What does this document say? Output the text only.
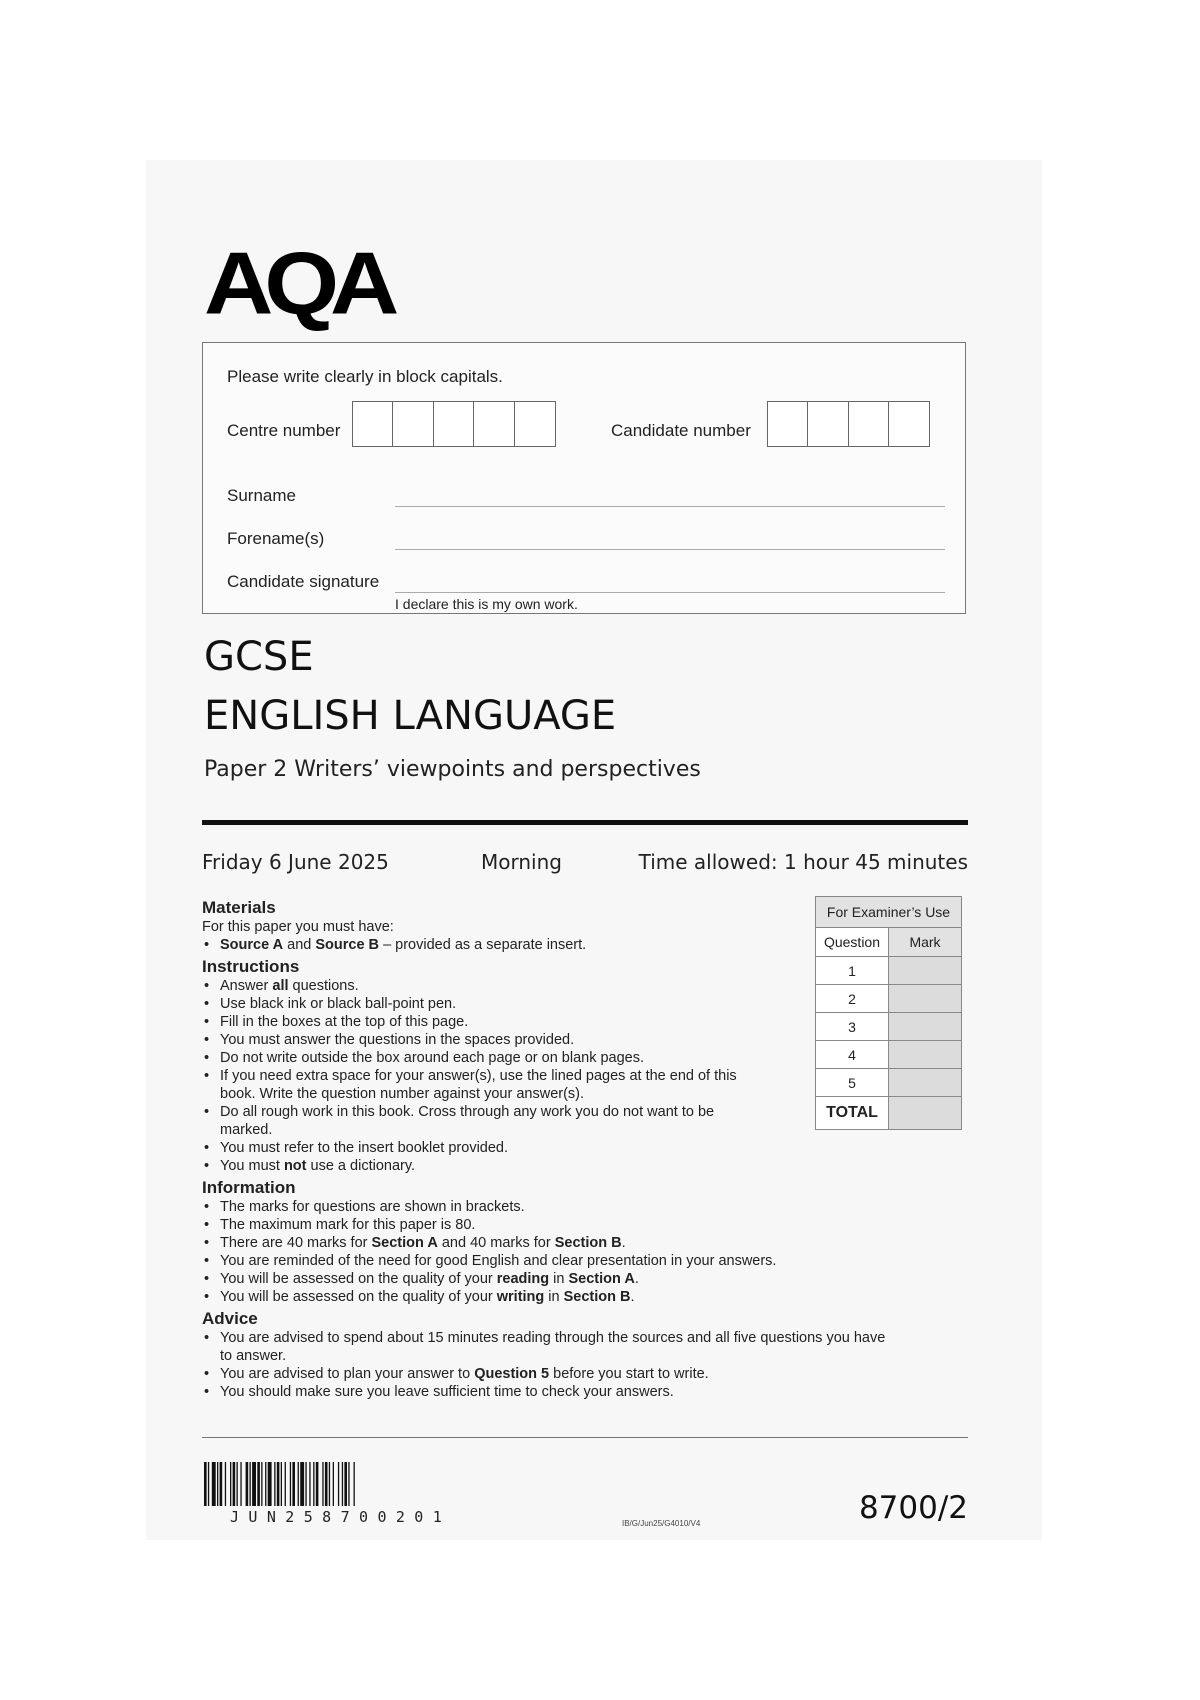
AQA
Please write clearly in block capitals.
Centre number	Candidate number
Surname
Forename(s)
Candidate signature
I declare this is my own work.
GCSE
ENGLISH LANGUAGE
Paper 2 Writers’ viewpoints and perspectives
Friday 6 June 2025	Morning	Time allowed: 1 hour 45 minutes
Materials

For this paper you must have:

• Source A and Source B – provided as a separate insert.
Instructions
• Answer all questions.
• Use black ink or black ball-point pen.
• Fill in the boxes at the top of this page.
• You must answer the questions in the spaces provided.
• Do not write outside the box around each page or on blank pages.
• If you need extra space for your answer(s), use the lined pages at the end of this book. Write the question number against your answer(s).
• Do all rough work in this book. Cross through any work you do not want to be marked.
• You must refer to the insert booklet provided.
• You must not use a dictionary.
Information
• The marks for questions are shown in brackets.
• The maximum mark for this paper is 80.
• There are 40 marks for Section A and 40 marks for Section B.
• You are reminded of the need for good English and clear presentation in your answers.
• You will be assessed on the quality of your reading in Section A.
• You will be assessed on the quality of your writing in Section B.
Advice
• You are advised to spend about 15 minutes reading through the sources and all five questions you have to answer.
• You are advised to plan your answer to Question 5 before you start to write.
• You should make sure you leave sufficient time to check your answers.
For Examiner’s Use	
Question	Mark
1	
2	
3	
4	
5	
TOTAL	
JUN258700201	IB/G/Jun25/G4010/V4	8700/2
